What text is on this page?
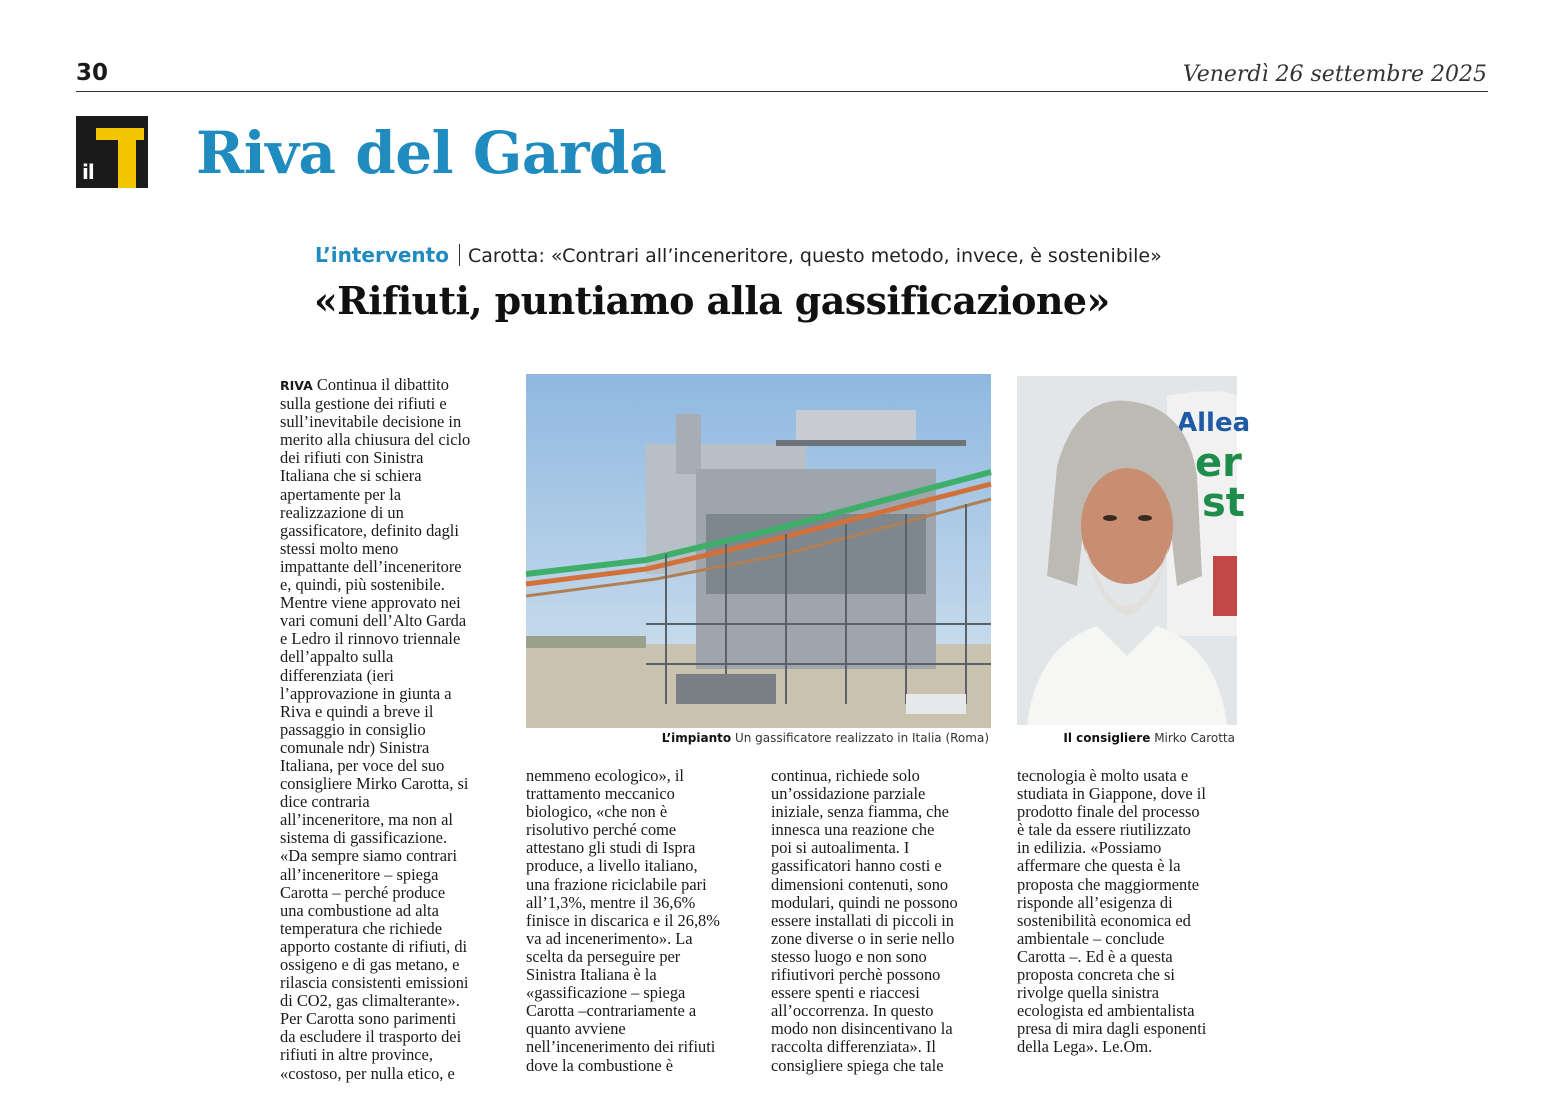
30	Venerdì 26 settembre 2025
il Riva del Garda
L’intervento Carotta: «Contrari all’inceneritore, questo metodo, invece, è sostenibile»
«Rifiuti, puntiamo alla gassificazione»
RIVA Continua il dibattito
sulla gestione dei rifiuti e
sull’inevitabile decisione in
merito alla chiusura del ciclo
dei rifiuti con Sinistra
Italiana che si schiera
apertamente per la
realizzazione di un
gassificatore, definito dagli
stessi molto meno
impattante dell’inceneritore
e, quindi, più sostenibile.
Mentre viene approvato nei
vari comuni dell’Alto Garda
e Ledro il rinnovo triennale
dell’appalto sulla
differenziata (ieri
l’approvazione in giunta a
Riva e quindi a breve il
passaggio in consiglio
comunale ndr) Sinistra
Italiana, per voce del suo
consigliere Mirko Carotta, si
dice contraria
all’inceneritore, ma non al
sistema di gassificazione.
«Da sempre siamo contrari
all’inceneritore – spiega
Carotta – perché produce
una combustione ad alta
temperatura che richiede
apporto costante di rifiuti, di
ossigeno e di gas metano, e
rilascia consistenti emissioni
di CO2, gas climalterante».
Per Carotta sono parimenti
da escludere il trasporto dei
rifiuti in altre province,
«costoso, per nulla etico, e
L’impianto Un gassificatore realizzato in Italia (Roma)
Allea
er
st
Il consigliere Mirko Carotta
nemmeno ecologico», il
trattamento meccanico
biologico, «che non è
risolutivo perché come
attestano gli studi di Ispra
produce, a livello italiano,
una frazione riciclabile pari
all’1,3%, mentre il 36,6%
finisce in discarica e il 26,8%
va ad incenerimento». La
scelta da perseguire per
Sinistra Italiana è la
«gassificazione – spiega
Carotta –contrariamente a
quanto avviene
nell’incenerimento dei rifiuti
dove la combustione è
continua, richiede solo
un’ossidazione parziale
iniziale, senza fiamma, che
innesca una reazione che
poi si autoalimenta. I
gassificatori hanno costi e
dimensioni contenuti, sono
modulari, quindi ne possono
essere installati di piccoli in
zone diverse o in serie nello
stesso luogo e non sono
rifiutivori perchè possono
essere spenti e riaccesi
all’occorrenza. In questo
modo non disincentivano la
raccolta differenziata». Il
consigliere spiega che tale
tecnologia è molto usata e
studiata in Giappone, dove il
prodotto finale del processo
è tale da essere riutilizzato
in edilizia. «Possiamo
affermare che questa è la
proposta che maggiormente
risponde all’esigenza di
sostenibilità economica ed
ambientale – conclude
Carotta –. Ed è a questa
proposta concreta che si
rivolge quella sinistra
ecologista ed ambientalista
presa di mira dagli esponenti
della Lega». Le.Om.
